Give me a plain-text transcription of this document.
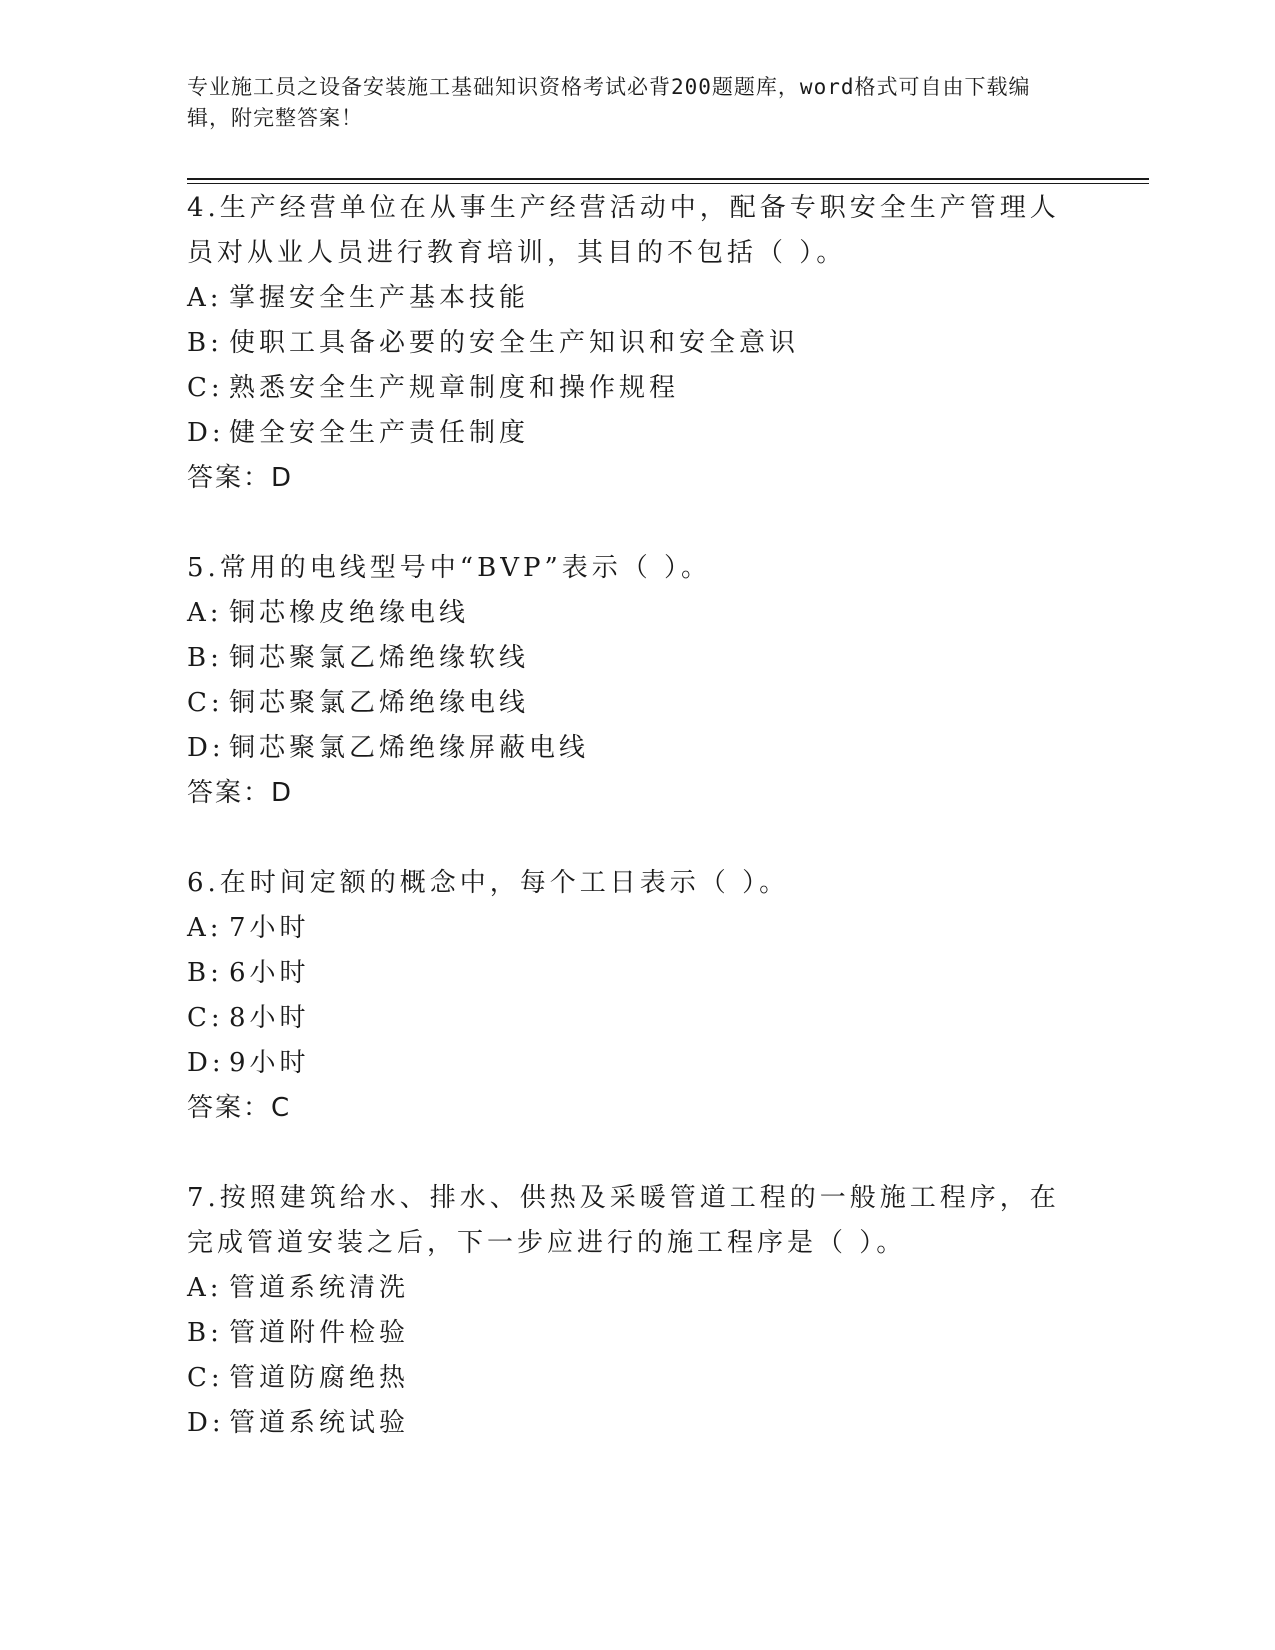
专业施工员之设备安装施工基础知识资格考试必背200题题库，word格式可自由下载编辑，附完整答案！

4.生产经营单位在从事生产经营活动中，配备专职安全生产管理人员对从业人员进行教育培训，其目的不包括（ ）。

A: 掌握安全生产基本技能

B: 使职工具备必要的安全生产知识和安全意识

C: 熟悉安全生产规章制度和操作规程

D: 健全安全生产责任制度

答案：D

5.常用的电线型号中“BVP”表示（ ）。

A: 铜芯橡皮绝缘电线

B: 铜芯聚氯乙烯绝缘软线

C: 铜芯聚氯乙烯绝缘电线

D: 铜芯聚氯乙烯绝缘屏蔽电线

答案：D

6.在时间定额的概念中，每个工日表示（ ）。

A: 7小时

B: 6小时

C: 8小时

D: 9小时

答案：C

7.按照建筑给水、排水、供热及采暖管道工程的一般施工程序，在完成管道安装之后，下一步应进行的施工程序是（ ）。

A: 管道系统清洗

B: 管道附件检验

C: 管道防腐绝热

D: 管道系统试验
